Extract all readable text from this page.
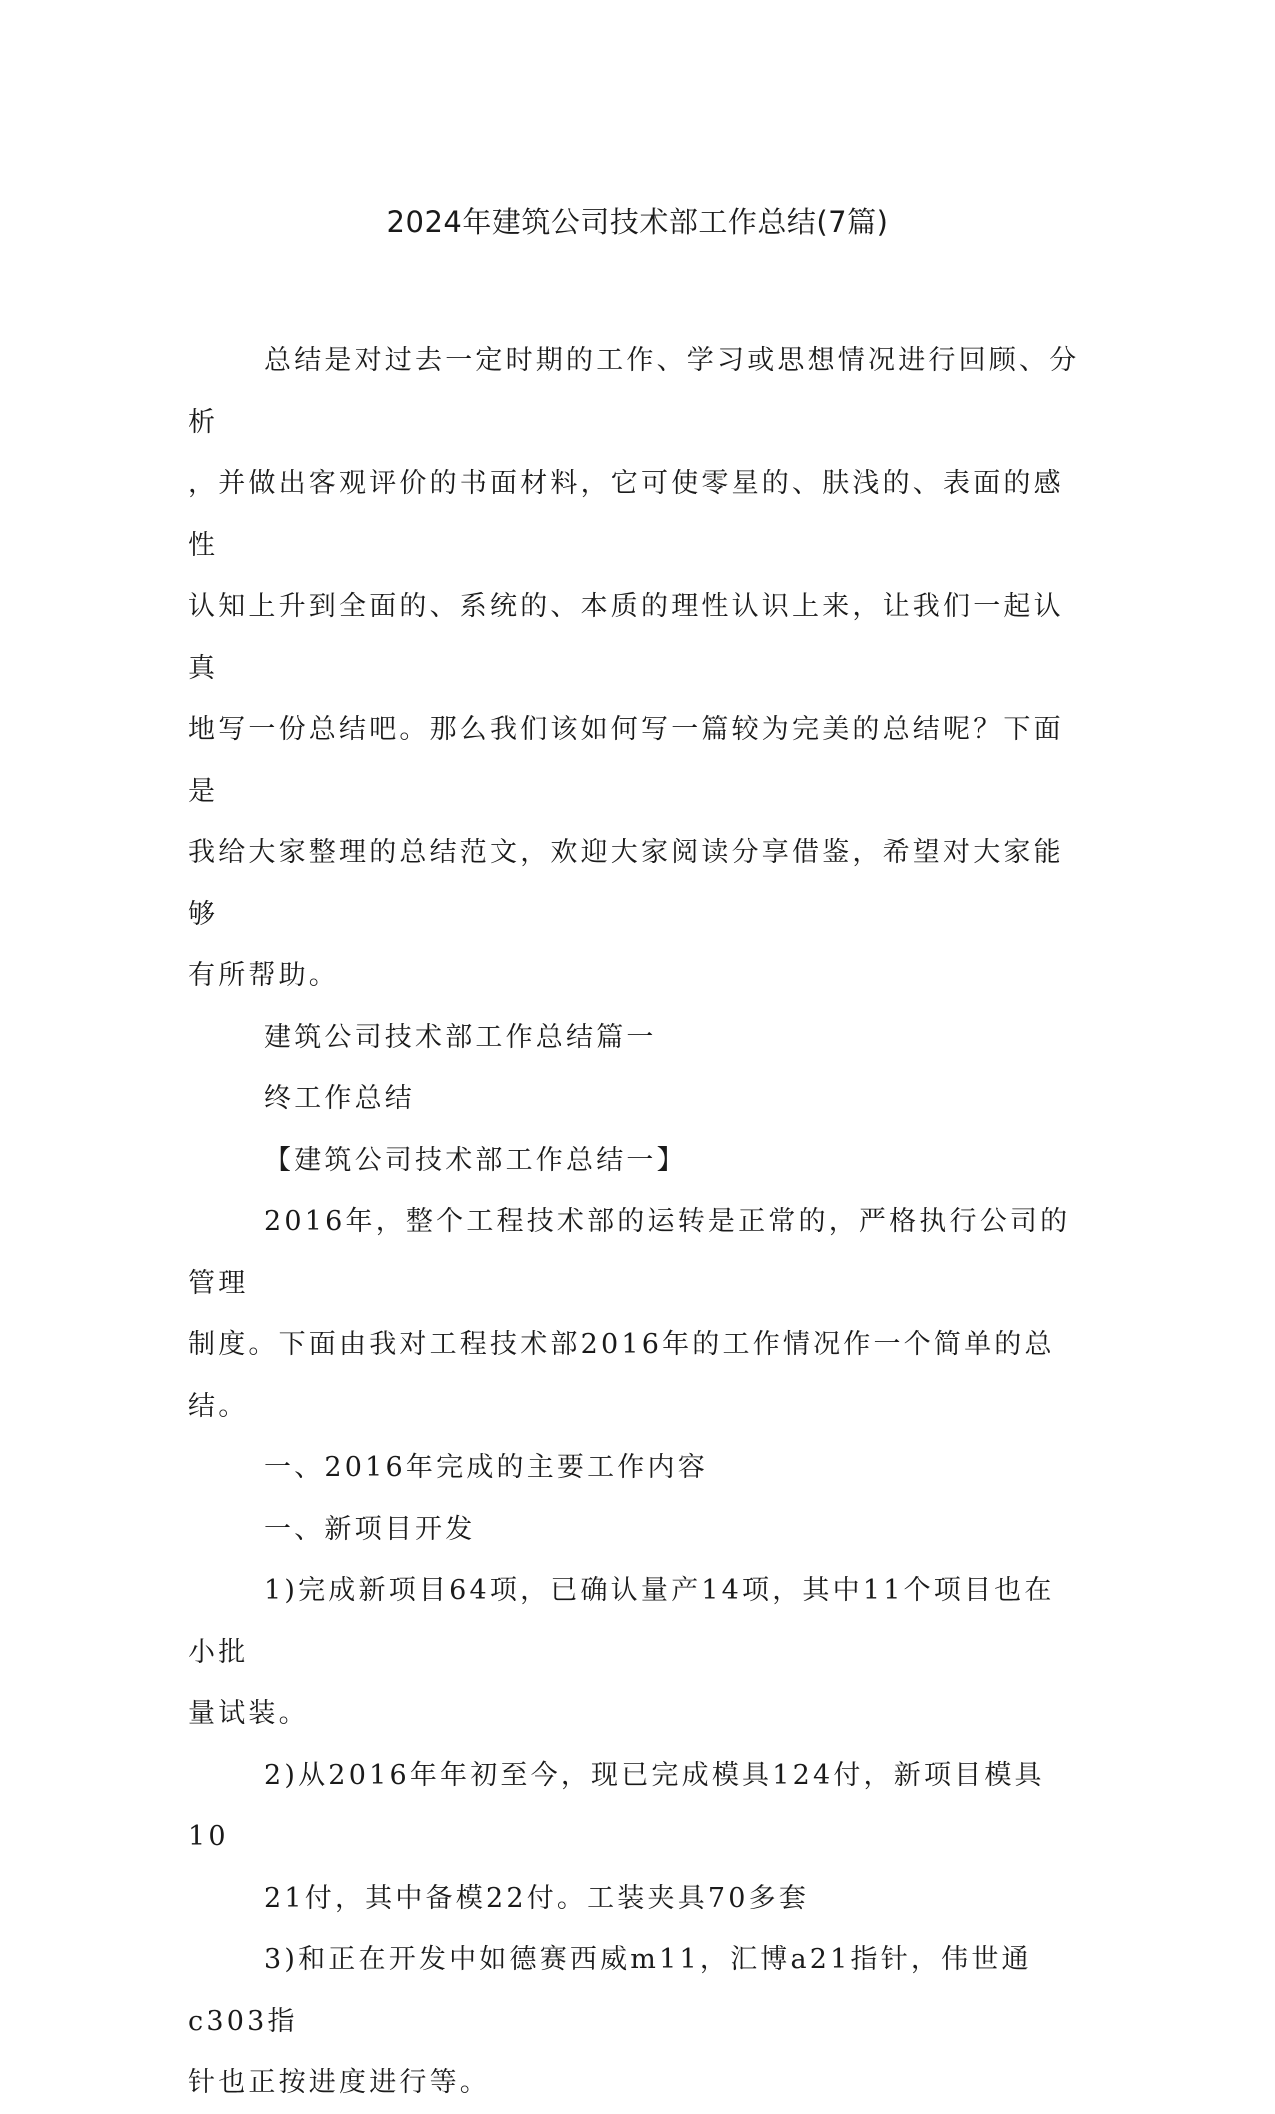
2024年建筑公司技术部工作总结(7篇)

总结是对过去一定时期的工作、学习或思想情况进行回顾、分析
，并做出客观评价的书面材料，它可使零星的、肤浅的、表面的感性
认知上升到全面的、系统的、本质的理性认识上来，让我们一起认真
地写一份总结吧。那么我们该如何写一篇较为完美的总结呢？下面是
我给大家整理的总结范文，欢迎大家阅读分享借鉴，希望对大家能够
有所帮助。

建筑公司技术部工作总结篇一

终工作总结

【建筑公司技术部工作总结一】

2016年，整个工程技术部的运转是正常的，严格执行公司的管理
制度。下面由我对工程技术部2016年的工作情况作一个简单的总结。

一、2016年完成的主要工作内容

一、新项目开发

1)完成新项目64项，已确认量产14项，其中11个项目也在小批
量试装。

2)从2016年年初至今，现已完成模具124付，新项目模具10

21付，其中备模22付。工装夹具70多套

3)和正在开发中如德赛西威m11，汇博a21指针，伟世通c303指
针也正按进度进行等。
